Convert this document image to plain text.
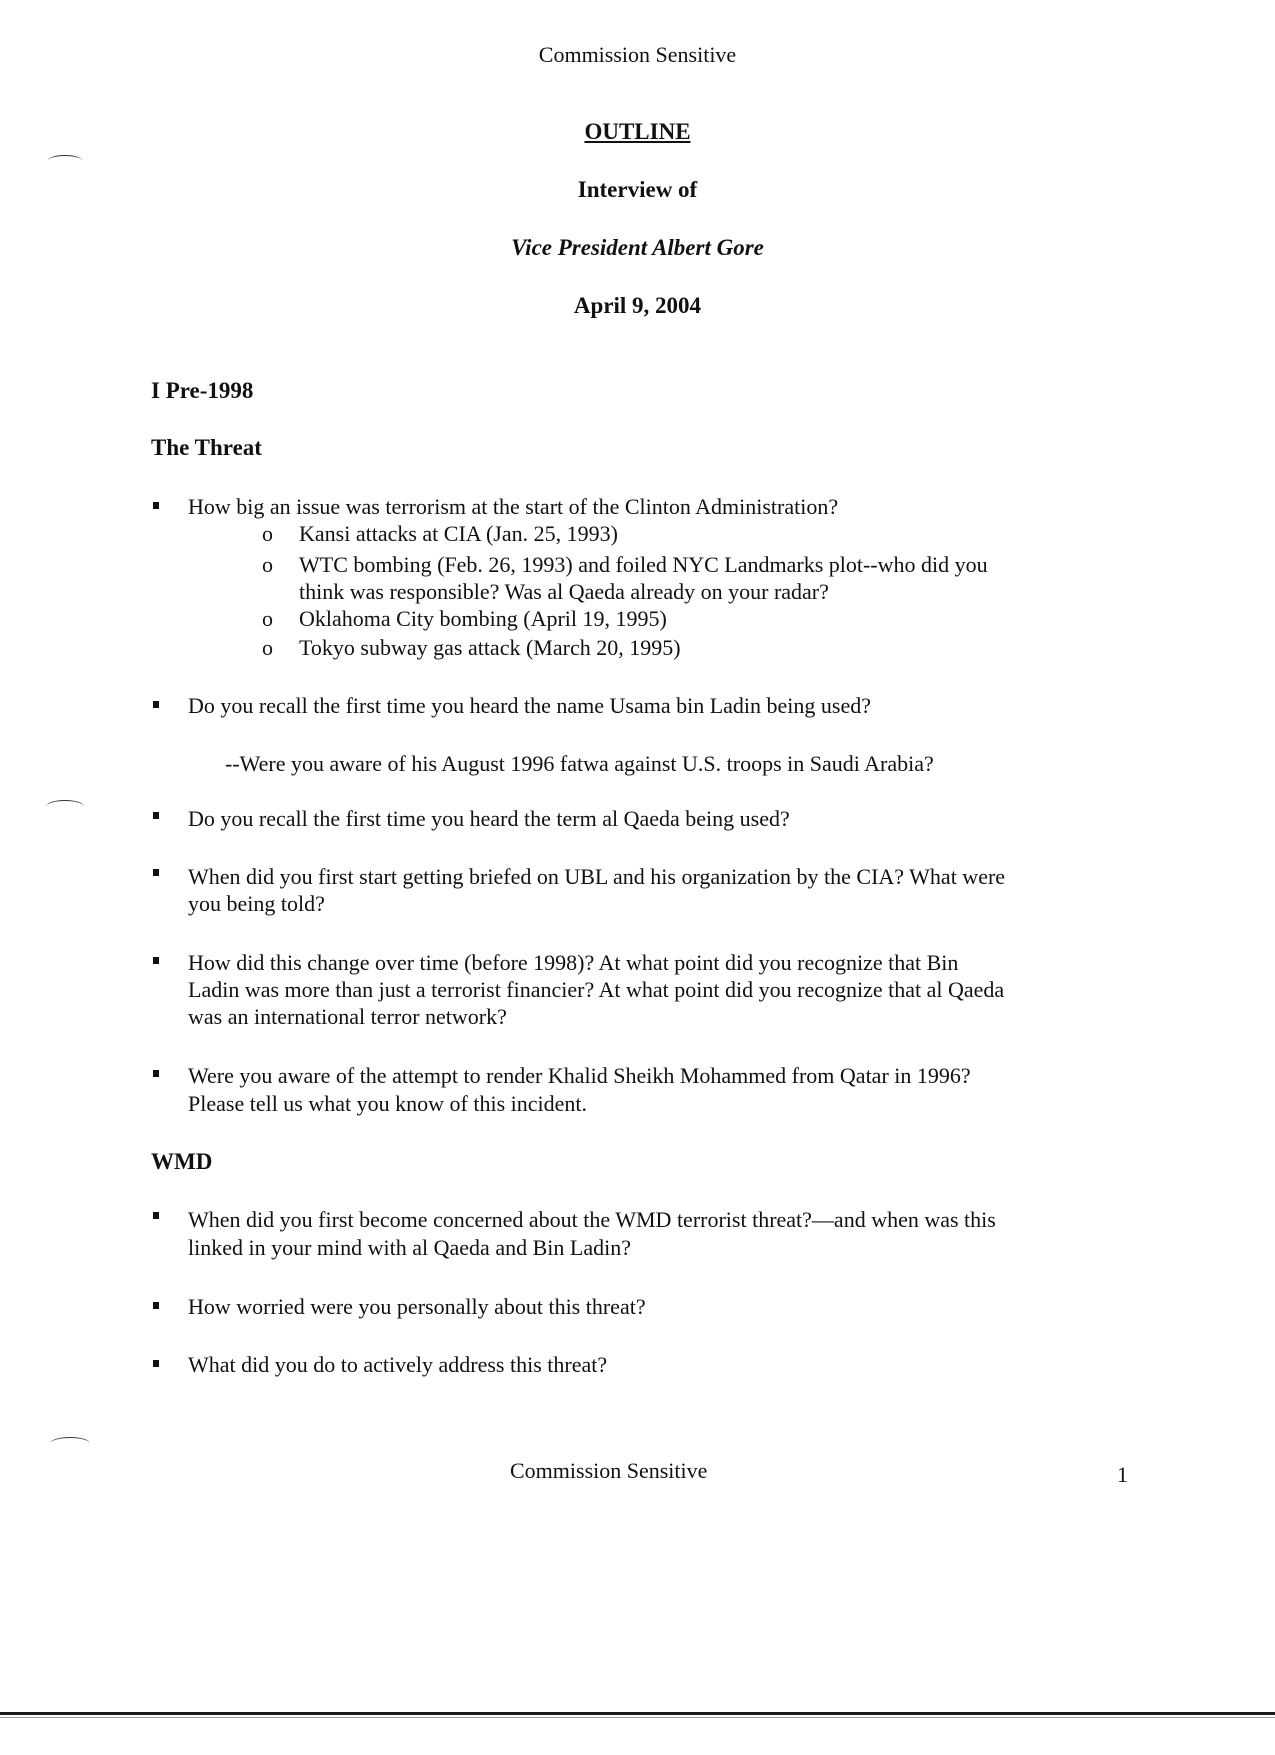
Commission Sensitive
OUTLINE
Interview of
Vice President Albert Gore
April 9, 2004
I Pre-1998
The Threat
How big an issue was terrorism at the start of the Clinton Administration?
o Kansi attacks at CIA (Jan. 25, 1993)
o WTC bombing (Feb. 26, 1993) and foiled NYC Landmarks plot--who did you
think was responsible? Was al Qaeda already on your radar?
o Oklahoma City bombing (April 19, 1995)
o Tokyo subway gas attack (March 20, 1995)
Do you recall the first time you heard the name Usama bin Ladin being used?
--Were you aware of his August 1996 fatwa against U.S. troops in Saudi Arabia?
Do you recall the first time you heard the term al Qaeda being used?
When did you first start getting briefed on UBL and his organization by the CIA? What were
you being told?
How did this change over time (before 1998)? At what point did you recognize that Bin
Ladin was more than just a terrorist financier? At what point did you recognize that al Qaeda
was an international terror network?
Were you aware of the attempt to render Khalid Sheikh Mohammed from Qatar in 1996?
Please tell us what you know of this incident.
WMD
When did you first become concerned about the WMD terrorist threat?—and when was this
linked in your mind with al Qaeda and Bin Ladin?
How worried were you personally about this threat?
What did you do to actively address this threat?
Commission Sensitive	1
